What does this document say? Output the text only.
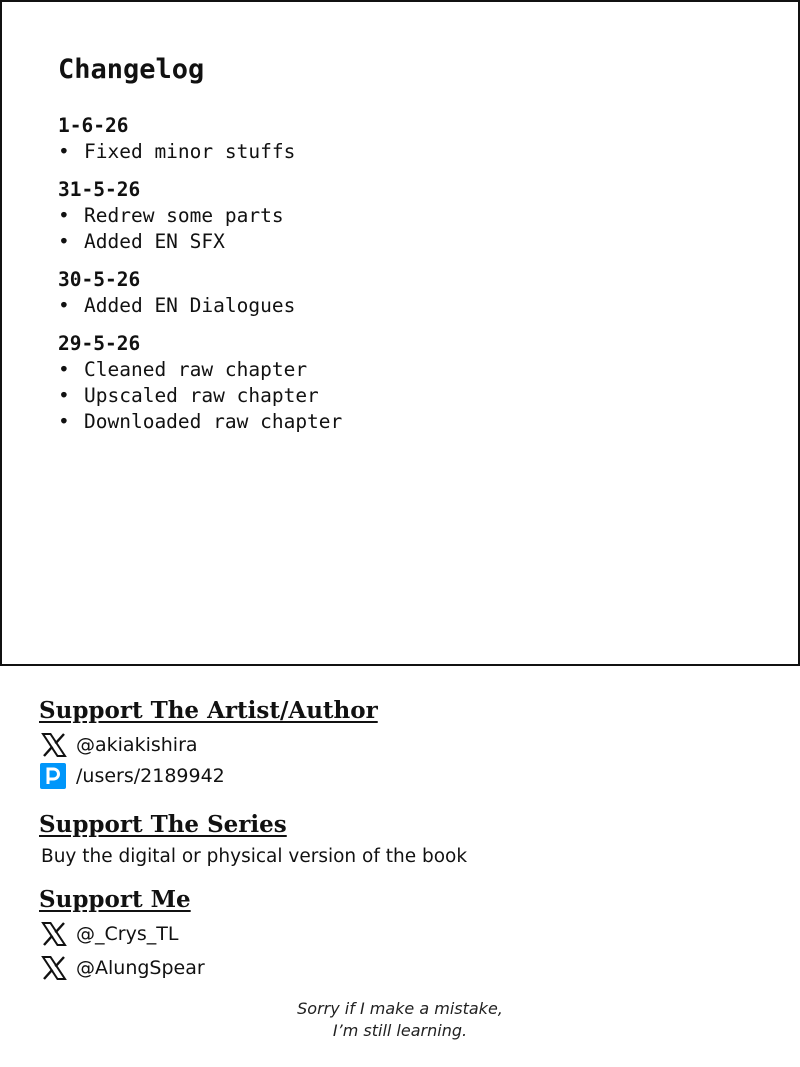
Changelog
1-6-26
• Fixed minor stuffs
31-5-26
• Redrew some parts
• Added EN SFX
30-5-26
• Added EN Dialogues
29-5-26
• Cleaned raw chapter
• Upscaled raw chapter
• Downloaded raw chapter
Support The Artist/Author
@akiakishira
/users/2189942
Support The Series
Buy the digital or physical version of the book
Support Me
@_Crys_TL
@AlungSpear
Sorry if I make a mistake,
I’m still learning.
